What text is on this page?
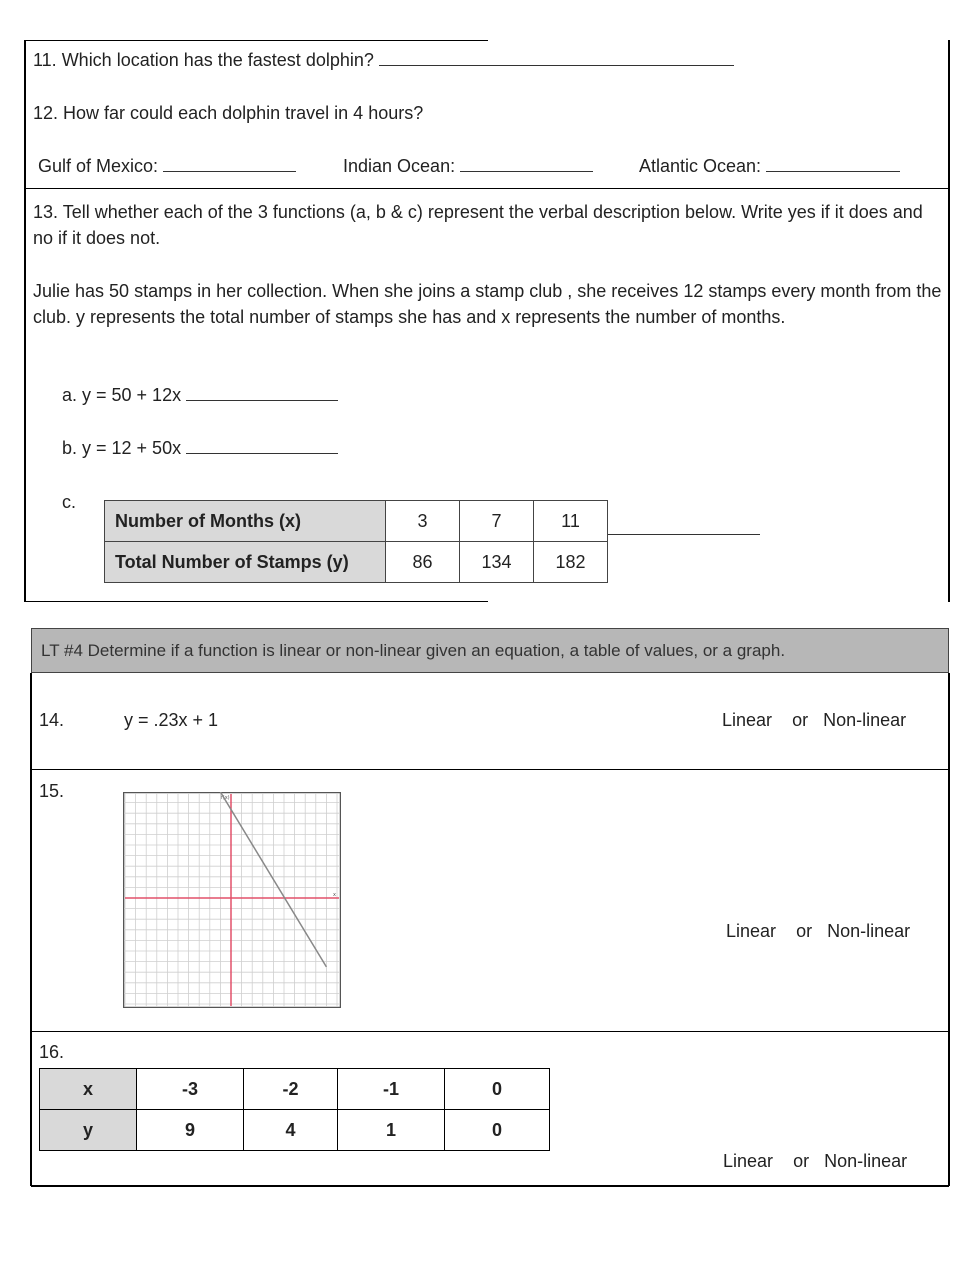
11. Which location has the fastest dolphin?
12. How far could each dolphin travel in 4 hours?
Gulf of Mexico:	Indian Ocean:	Atlantic Ocean:
13. Tell whether each of the 3 functions (a, b & c) represent the verbal description below. Write yes if it does and no if it does not.
Julie has 50 stamps in her collection. When she joins a stamp club , she receives 12 stamps every month from the club. y represents the total number of stamps she has and x represents the number of months.
a. y = 50 + 12x
b. y = 12 + 50x
c.
Number of Months (x)	3	7	11
Total Number of Stamps (y)	86	134	182
LT #4 Determine if a function is linear or non-linear given an equation, a table of values, or a graph.
14.	y = .23x + 1	Linear or Non-linear
15.	f(x)
x
Linear or Non-linear
16.
x	-3	-2	-1	0
y	9	4	1	0
Linear or Non-linear
